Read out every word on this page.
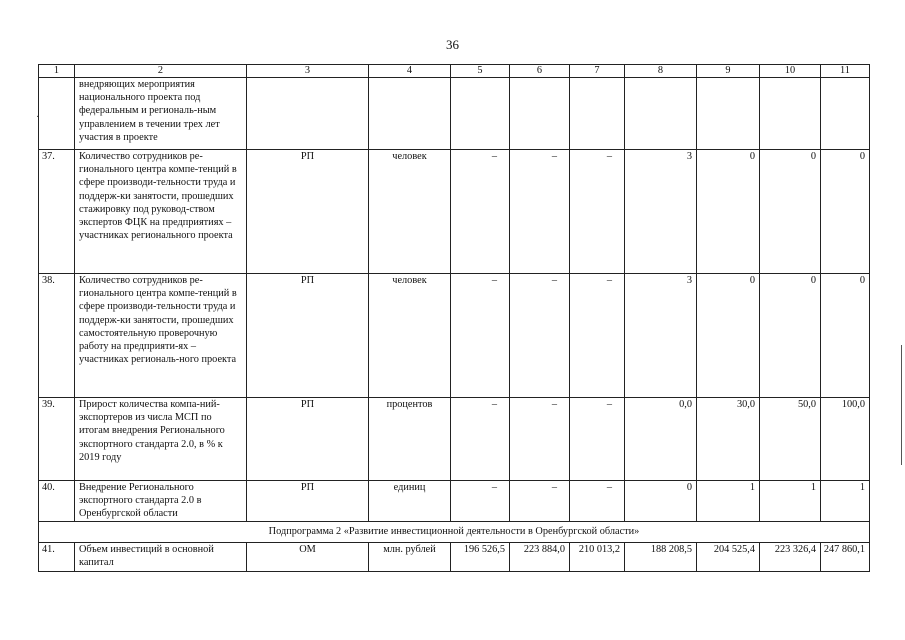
36
·
1	2	3	4	5	6	7	8	9	10	11
	внедряющих мероприятия национального проекта под федеральным и региональ-ным управлением в течении трех лет участия в проекте									
37.	Количество сотрудников ре-гионального центра компе-тенций в сфере производи-тельности труда и поддерж-ки занятости, прошедших стажировку под руковод-ством экспертов ФЦК на предприятиях – участниках регионального проекта	РП	человек	–	–	–	3	0	0	0
38.	Количество сотрудников ре-гионального центра компе-тенций в сфере производи-тельности труда и поддерж-ки занятости, прошедших самостоятельную проверочную работу на предприяти-ях – участниках региональ-ного проекта	РП	человек	–	–	–	3	0	0	0
39.	Прирост количества компа-ний-экспортеров из числа МСП по итогам внедрения Регионального экспортного стандарта 2.0, в % к 2019 году	РП	процентов	–	–	–	0,0	30,0	50,0	100,0
40.	Внедрение Регионального экспортного стандарта 2.0 в Оренбургской области	РП	единиц	–	–	–	0	1	1	1
Подпрограмма 2 «Развитие инвестиционной деятельности в Оренбургской области»										
41.	Объем инвестиций в основной капитал	ОМ	млн. рублей	196 526,5	223 884,0	210 013,2	188 208,5	204 525,4	223 326,4	247 860,1
